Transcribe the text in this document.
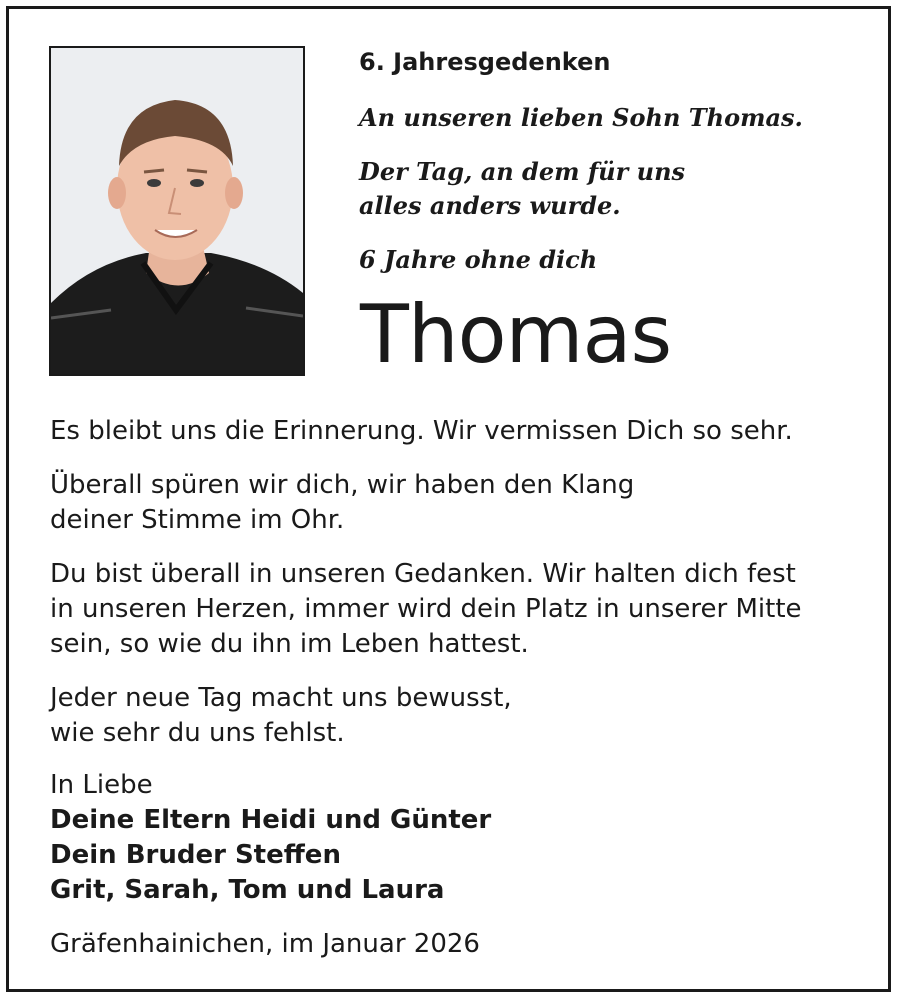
6. Jahresgedenken
An unseren lieben Sohn Thomas.
Der Tag, an dem für uns
alles anders wurde.
6 Jahre ohne dich
Thomas
Es bleibt uns die Erinnerung. Wir vermissen Dich so sehr.
Überall spüren wir dich, wir haben den Klang
deiner Stimme im Ohr.
Du bist überall in unseren Gedanken. Wir halten dich fest
in unseren Herzen, immer wird dein Platz in unserer Mitte
sein, so wie du ihn im Leben hattest.
Jeder neue Tag macht uns bewusst,
wie sehr du uns fehlst.
In Liebe
Deine Eltern Heidi und Günter
Dein Bruder Steffen
Grit, Sarah, Tom und Laura
Gräfenhainichen, im Januar 2026
